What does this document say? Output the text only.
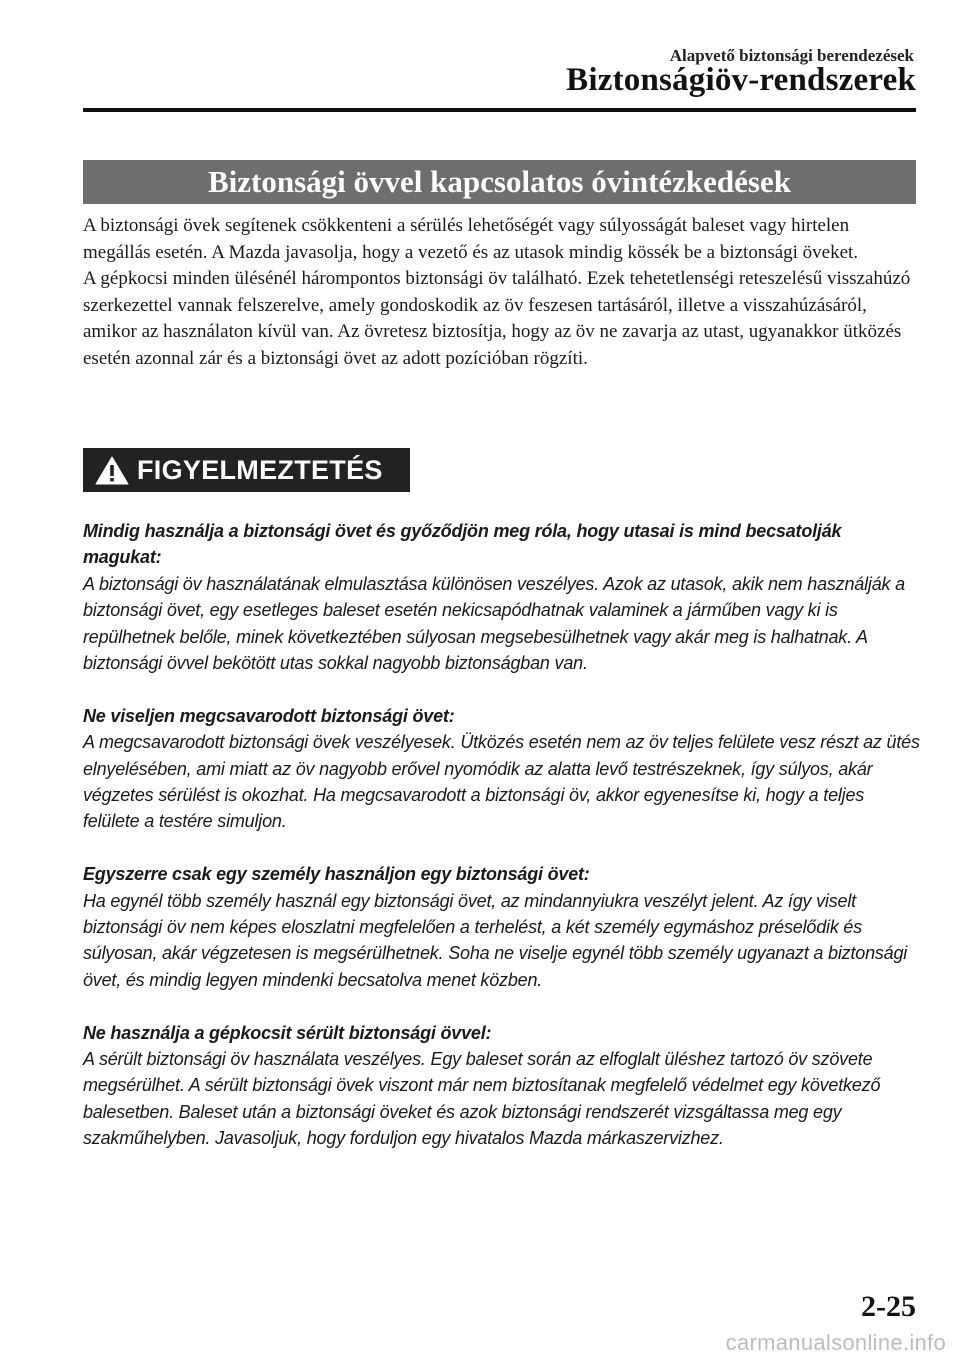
Alapvető biztonsági berendezések
Biztonságiöv-rendszerek
Biztonsági övvel kapcsolatos óvintézkedések

A biztonsági övek segítenek csökkenteni a sérülés lehetőségét vagy súlyosságát baleset vagy hirtelen megállás esetén. A Mazda javasolja, hogy a vezető és az utasok mindig kössék be a biztonsági öveket.

A gépkocsi minden ülésénél hárompontos biztonsági öv található. Ezek tehetetlenségi reteszelésű visszahúzó szerkezettel vannak felszerelve, amely gondoskodik az öv feszesen tartásáról, illetve a visszahúzásáról, amikor az használaton kívül van. Az övretesz biztosítja, hogy az öv ne zavarja az utast, ugyanakkor ütközés esetén azonnal zár és a biztonsági övet az adott pozícióban rögzíti.

FIGYELMEZTETÉS

Mindig használja a biztonsági övet és győződjön meg róla, hogy utasai is mind becsatolják magukat:

A biztonsági öv használatának elmulasztása különösen veszélyes. Azok az utasok, akik nem használják a biztonsági övet, egy esetleges baleset esetén nekicsapódhatnak valaminek a járműben vagy ki is repülhetnek belőle, minek következtében súlyosan megsebesülhetnek vagy akár meg is halhatnak. A biztonsági övvel bekötött utas sokkal nagyobb biztonságban van.

Ne viseljen megcsavarodott biztonsági övet:

A megcsavarodott biztonsági övek veszélyesek. Ütközés esetén nem az öv teljes felülete vesz részt az ütés elnyelésében, ami miatt az öv nagyobb erővel nyomódik az alatta levő testrészeknek, így súlyos, akár végzetes sérülést is okozhat. Ha megcsavarodott a biztonsági öv, akkor egyenesítse ki, hogy a teljes felülete a testére simuljon.

Egyszerre csak egy személy használjon egy biztonsági övet:

Ha egynél több személy használ egy biztonsági övet, az mindannyiukra veszélyt jelent. Az így viselt biztonsági öv nem képes eloszlatni megfelelően a terhelést, a két személy egymáshoz préselődik és súlyosan, akár végzetesen is megsérülhetnek. Soha ne viselje egynél több személy ugyanazt a biztonsági övet, és mindig legyen mindenki becsatolva menet közben.

Ne használja a gépkocsit sérült biztonsági övvel:

A sérült biztonsági öv használata veszélyes. Egy baleset során az elfoglalt üléshez tartozó öv szövete megsérülhet. A sérült biztonsági övek viszont már nem biztosítanak megfelelő védelmet egy következő balesetben. Baleset után a biztonsági öveket és azok biztonsági rendszerét vizsgáltassa meg egy szakműhelyben. Javasoljuk, hogy forduljon egy hivatalos Mazda márkaszervizhez.

2-25
carmanualsonline.info
